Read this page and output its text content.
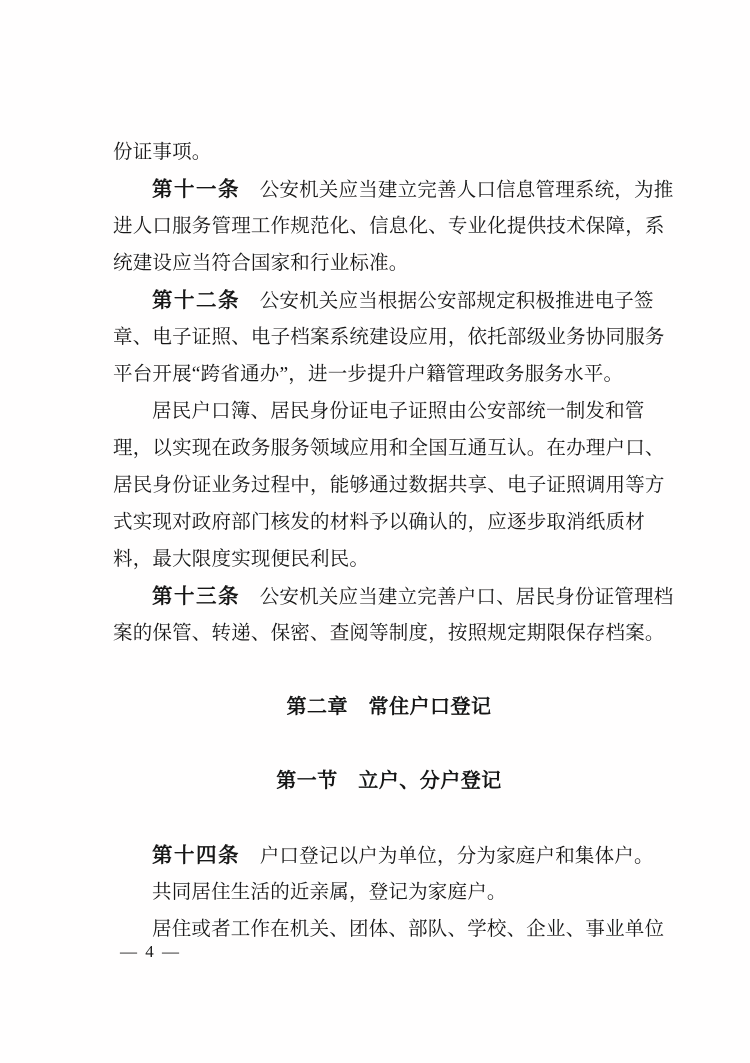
份证事项。
第十一条　公安机关应当建立完善人口信息管理系统，为推
进人口服务管理工作规范化、信息化、专业化提供技术保障，系
统建设应当符合国家和行业标准。
第十二条　公安机关应当根据公安部规定积极推进电子签
章、电子证照、电子档案系统建设应用，依托部级业务协同服务
平台开展“跨省通办”，进一步提升户籍管理政务服务水平。
居民户口簿、居民身份证电子证照由公安部统一制发和管
理，以实现在政务服务领域应用和全国互通互认。在办理户口、
居民身份证业务过程中，能够通过数据共享、电子证照调用等方
式实现对政府部门核发的材料予以确认的，应逐步取消纸质材
料，最大限度实现便民利民。
第十三条　公安机关应当建立完善户口、居民身份证管理档
案的保管、转递、保密、查阅等制度，按照规定期限保存档案。
第二章　常住户口登记
第一节　立户、分户登记
第十四条　户口登记以户为单位，分为家庭户和集体户。
共同居住生活的近亲属，登记为家庭户。
居住或者工作在机关、团体、部队、学校、企业、事业单位
— 4 —
